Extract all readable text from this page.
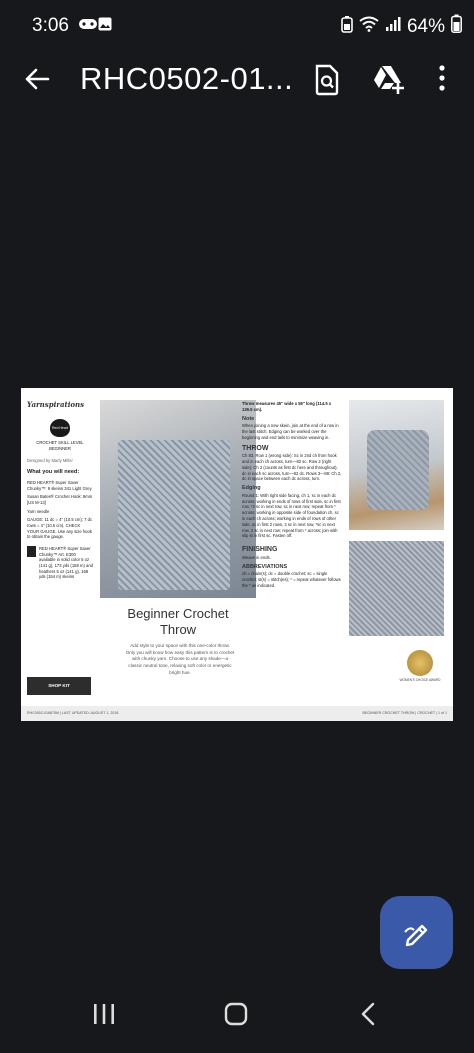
3:06	64%
RHC0502-01...
Yarnspirations
Red Heart
CROCHET SKILL LEVEL BEGINNER
Designed by Marly Miller
What you will need:
RED HEART® Super Saver Chunky™: 9 skeins 341 Light Grey
Susan Bates® Crochet Hook: 9mm [US M-13]
Yarn needle
GAUGE: 11 dc = 4" (10.5 cm); 7 dc rows = 4" (10.5 cm). CHECK YOUR GAUGE. Use any size hook to obtain the gauge.
RED HEART® Super Saver Chunky™ Art. E300 available in solid color 5 oz (141 g), 173 yds (158 m) and heathers 5 oz (141 g), 168 yds (154 m) skeins
Beginner Crochet
Throw
Add style to your space with this one-color throw. Only you will know how easy this pattern is to crochet with chunky yarn. Choose to use any shade—a classic neutral tone, relaxing soft color or energetic bright hue.
Throw measures 45" wide x 55" long (114.5 x 139.5 cm).
Note
When joining a new skein, join at the end of a row in the last stitch. Edging can be worked over the beginning and end tails to minimize weaving in.
THROW
Ch 83. Row 1 (wrong side): Sc in 2nd ch from hook and in each ch across, turn—82 sc. Row 2 (right side): Ch 2 (counts as first dc here and throughout), dc in each sc across, turn—82 dc. Rows 3—89: Ch 2, dc in space between each dc across, turn.
Edging
Round 1: With right side facing, ch 1, sc in each dc across; working in ends of rows of first side, sc in first row, *2 sc in next row, sc in next row; repeat from * across; working in opposite side of foundation ch, sc in each ch across; working in ends of rows of other side, sc in first 2 rows, 2 sc in next row, *sc in next row, 2 sc in next row; repeat from * across; join with slip st in first sc. Fasten off.
FINISHING
Weave in ends.
ABBREVIATIONS
ch = chain(s); dc = double crochet; sc = single crochet; st(s) = stitch(es); * = repeat whatever follows the * as indicated.
SHOP KIT
WOMEN'S CHOICE AWARD
RHC0502-016875M | LAST UPDATED: AUGUST 1, 2018	BEGINNER CROCHET THROW | CROCHET | 1 of 1
